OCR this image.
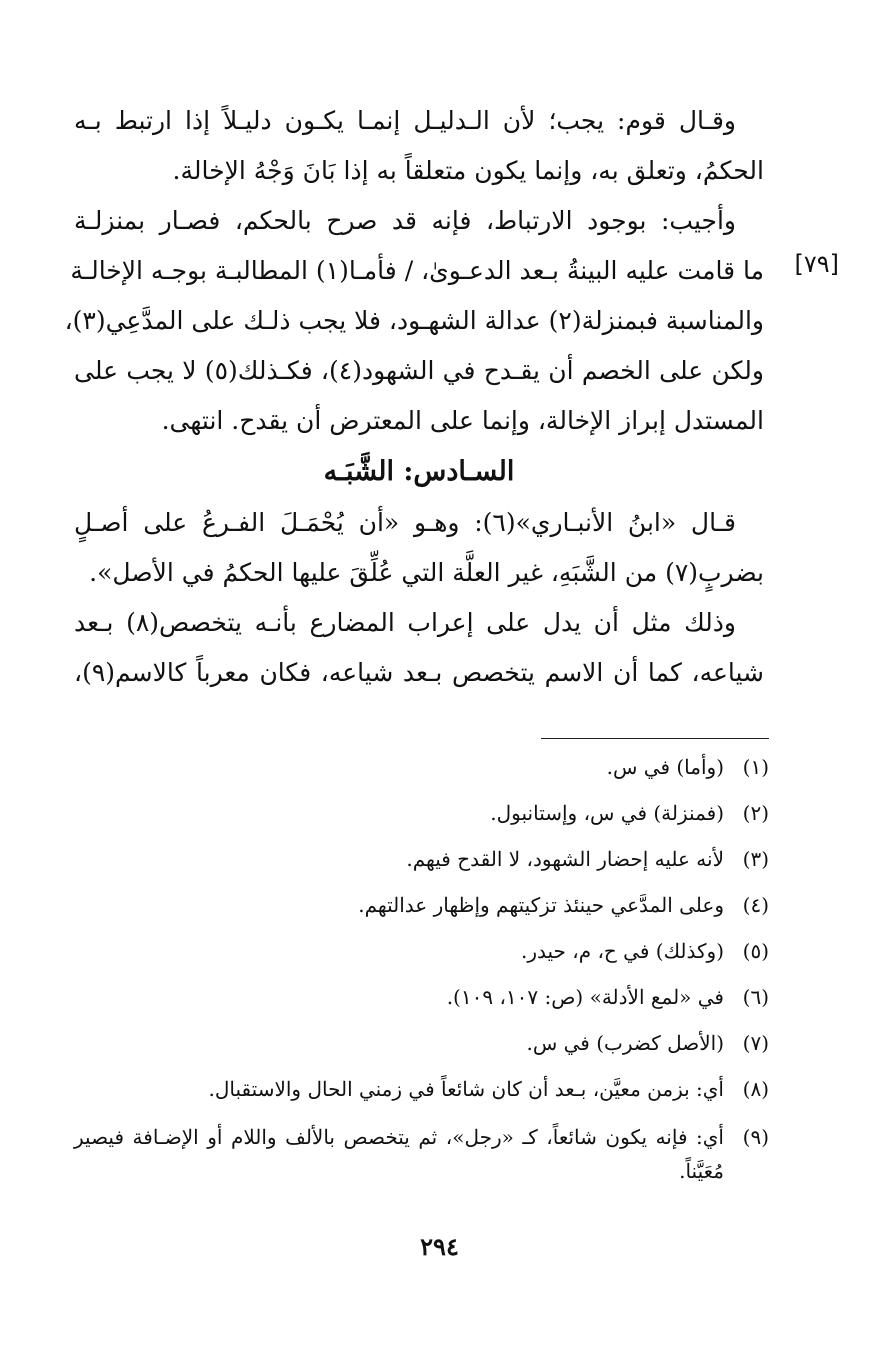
وقـال قوم: يجب؛ لأن الـدليـل إنمـا يكـون دليـلاً إذا ارتبط بـه
الحكمُ، وتعلق به، وإنما يكون متعلقاً به إذا بَانَ وَجْهُ الإخالة.
وأجيب: بوجود الارتباط، فإنه قد صرح بالحكم، فصـار بمنزلـة
ما قامت عليه البينةُ بـعد الدعـوىٰ، / فأمـا(١) المطالبـة بوجـه الإخالـة
والمناسبة فبمنزلة(٢) عدالة الشهـود، فلا يجب ذلـك على المدَّعِي(٣)،
ولكن على الخصم أن يقـدح في الشهود(٤)، فكـذلك(٥) لا يجب على
المستدل إبراز الإخالة، وإنما على المعترض أن يقدح. انتهى.
[٧٩]
السـادس: الشَّبَـه
قـال «ابنُ الأنبـاري»(٦): وهـو «أن يُحْمَـلَ الفـرعُ على أصـلٍ
بضربٍ(٧) من الشَّبَهِ، غير العلَّة التي عُلِّقَ عليها الحكمُ في الأصل».
وذلك مثل أن يدل على إعراب المضارع بأنـه يتخصص(٨) بـعد
شياعه، كما أن الاسم يتخصص بـعد شياعه، فكان معرباً كالاسم(٩)،
(١)
(وأما) في س.
(٢)
(فمنزلة) في س، وإستانبول.
(٣)
لأنه عليه إحضار الشهود، لا القدح فيهم.
(٤)
وعلى المدَّعي حينئذ تزكيتهم وإظهار عدالتهم.
(٥)
(وكذلك) في ح، م، حيدر.
(٦)
في «لمع الأدلة» (ص: ١٠٧، ١٠٩).
(٧)
(الأصل كضرب) في س.
(٨)
أي: بزمن معيَّن، بـعد أن كان شائعاً في زمني الحال والاستقبال.
(٩)
أي: فإنه يكون شائعاً، كـ «رجل»، ثم يتخصص بالألف واللام أو الإضـافة فيصير مُعَيَّناً.
٢٩٤
